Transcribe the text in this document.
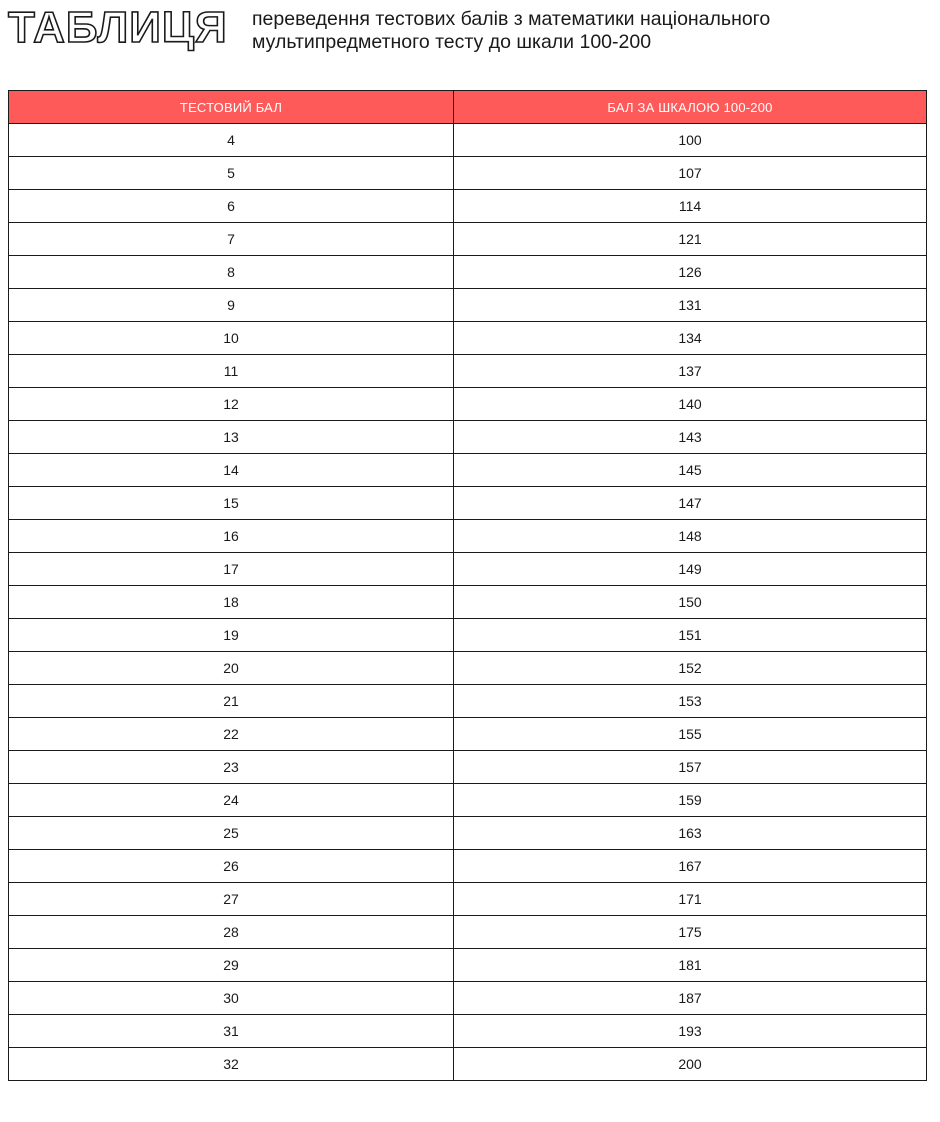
ТАБЛИЦЯ переведення тестових балів з математики національного мультипредметного тесту до шкали 100-200
ТЕСТОВИЙ БАЛ	БАЛ ЗА ШКАЛОЮ 100-200
4	100
5	107
6	114
7	121
8	126
9	131
10	134
11	137
12	140
13	143
14	145
15	147
16	148
17	149
18	150
19	151
20	152
21	153
22	155
23	157
24	159
25	163
26	167
27	171
28	175
29	181
30	187
31	193
32	200
